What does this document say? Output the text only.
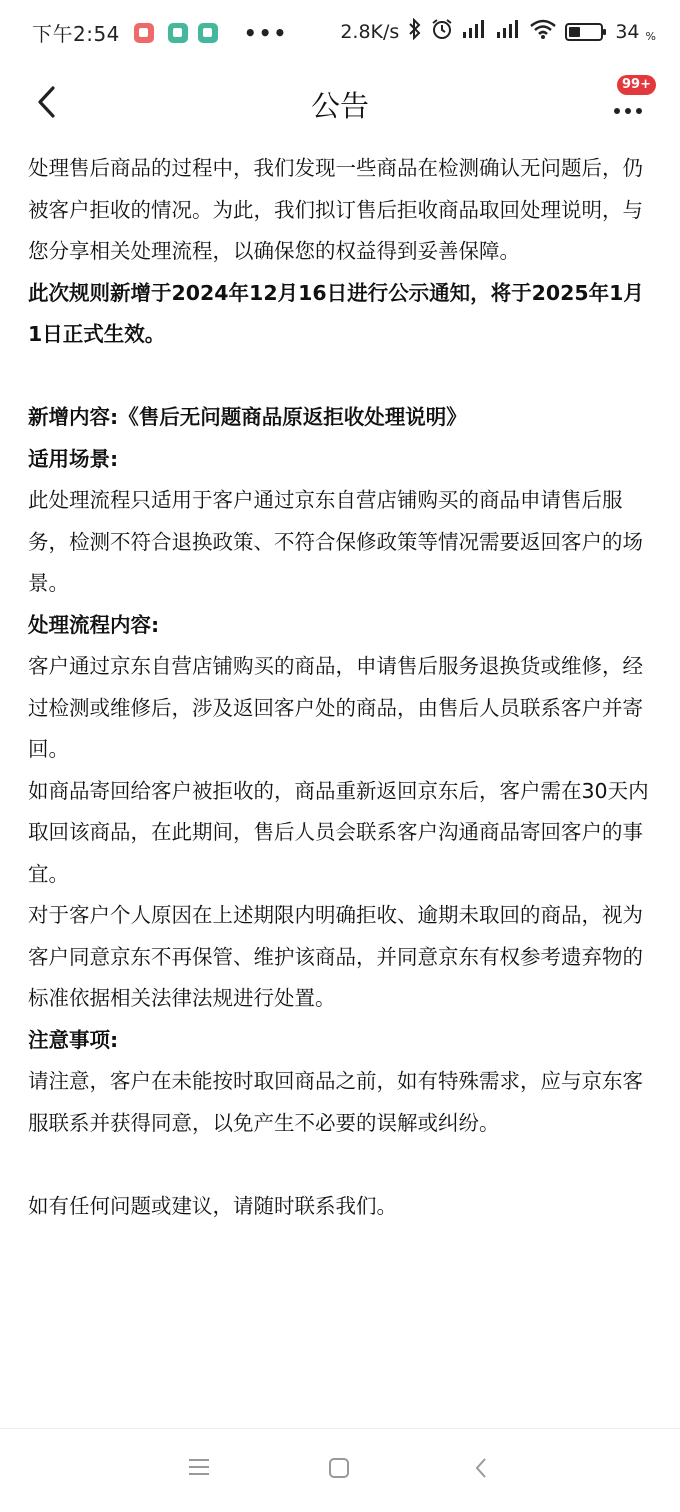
下午2:54	•••	2.8K/s	34 %
公告
99+

处理售后商品的过程中，我们发现一些商品在检测确认无问题后，仍被客户拒收的情况。为此，我们拟订售后拒收商品取回处理说明，与您分享相关处理流程，以确保您的权益得到妥善保障。

此次规则新增于2024年12月16日进行公示通知，将于2025年1月1日正式生效。

新增内容:《售后无问题商品原返拒收处理说明》

适用场景:

此处理流程只适用于客户通过京东自营店铺购买的商品申请售后服务，检测不符合退换政策、不符合保修政策等情况需要返回客户的场景。

处理流程内容:

客户通过京东自营店铺购买的商品，申请售后服务退换货或维修，经过检测或维修后，涉及返回客户处的商品，由售后人员联系客户并寄回。

如商品寄回给客户被拒收的，商品重新返回京东后，客户需在30天内取回该商品，在此期间，售后人员会联系客户沟通商品寄回客户的事宜。

对于客户个人原因在上述期限内明确拒收、逾期未取回的商品，视为客户同意京东不再保管、维护该商品，并同意京东有权参考遗弃物的标准依据相关法律法规进行处置。

注意事项:

请注意，客户在未能按时取回商品之前，如有特殊需求，应与京东客服联系并获得同意，以免产生不必要的误解或纠纷。

如有任何问题或建议，请随时联系我们。
